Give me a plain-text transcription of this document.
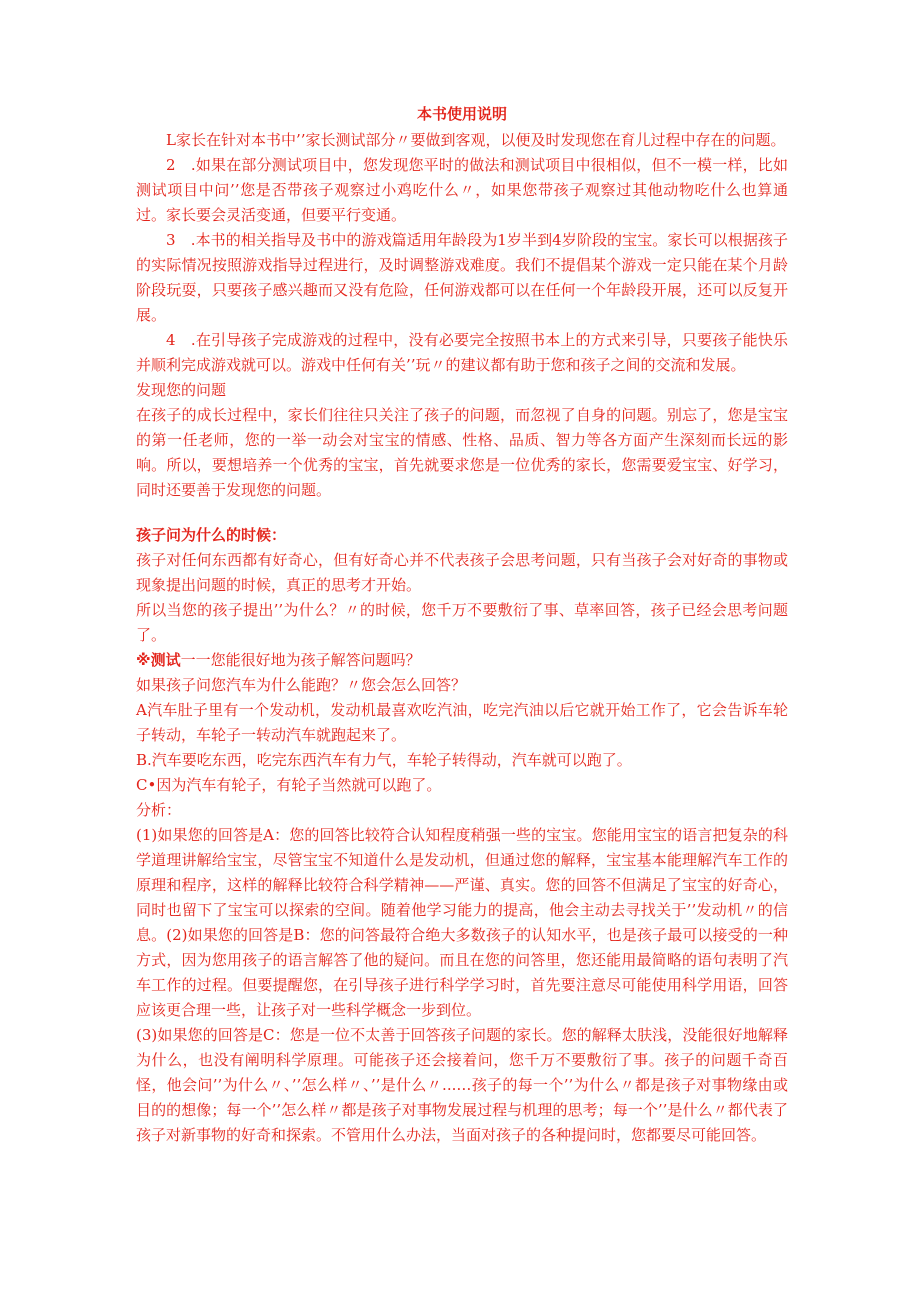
本书使用说明

L家长在针对本书中’’家长测试部分〃要做到客观，以便及时发现您在育儿过程中存在的问题。

2　.如果在部分测试项目中，您发现您平时的做法和测试项目中很相似，但不一模一样，比如测试项目中问’’您是否带孩子观察过小鸡吃什么〃，如果您带孩子观察过其他动物吃什么也算通过。家长要会灵活变通，但要平行变通。

3　.本书的相关指导及书中的游戏篇适用年龄段为1岁半到4岁阶段的宝宝。家长可以根据孩子的实际情况按照游戏指导过程进行，及时调整游戏难度。我们不提倡某个游戏一定只能在某个月龄阶段玩耍，只要孩子感兴趣而又没有危险，任何游戏都可以在任何一个年龄段开展，还可以反复开展。

4　.在引导孩子完成游戏的过程中，没有必要完全按照书本上的方式来引导，只要孩子能快乐并顺利完成游戏就可以。游戏中任何有关’’玩〃的建议都有助于您和孩子之间的交流和发展。

发现您的问题

在孩子的成长过程中，家长们往往只关注了孩子的问题，而忽视了自身的问题。别忘了，您是宝宝的第一任老师，您的一举一动会对宝宝的情感、性格、品质、智力等各方面产生深刻而长远的影响。所以，要想培养一个优秀的宝宝，首先就要求您是一位优秀的家长，您需要爱宝宝、好学习，同时还要善于发现您的问题。

孩子问为什么的时候：

孩子对任何东西都有好奇心，但有好奇心并不代表孩子会思考问题，只有当孩子会对好奇的事物或现象提出问题的时候，真正的思考才开始。

所以当您的孩子提出’’为什么？〃的时候，您千万不要敷衍了事、草率回答，孩子已经会思考问题了。

※测试一一您能很好地为孩子解答问题吗？

如果孩子问您汽车为什么能跑？〃您会怎么回答？

A汽车肚子里有一个发动机，发动机最喜欢吃汽油，吃完汽油以后它就开始工作了，它会告诉车轮子转动，车轮子一转动汽车就跑起来了。

B.汽车要吃东西，吃完东西汽车有力气，车轮子转得动，汽车就可以跑了。

C•因为汽车有轮子，有轮子当然就可以跑了。

分析：

(1)如果您的回答是A：您的回答比较符合认知程度稍强一些的宝宝。您能用宝宝的语言把复杂的科学道理讲解给宝宝，尽管宝宝不知道什么是发动机，但通过您的解释，宝宝基本能理解汽车工作的原理和程序，这样的解释比较符合科学精神——严谨、真实。您的回答不但满足了宝宝的好奇心，同时也留下了宝宝可以探索的空间。随着他学习能力的提高，他会主动去寻找关于’’发动机〃的信息。(2)如果您的回答是B：您的问答最符合绝大多数孩子的认知水平，也是孩子最可以接受的一种方式，因为您用孩子的语言解答了他的疑问。而且在您的问答里，您还能用最简略的语句表明了汽车工作的过程。但要提醒您，在引导孩子进行科学学习时，首先要注意尽可能使用科学用语，回答应该更合理一些，让孩子对一些科学概念一步到位。

(3)如果您的回答是C：您是一位不太善于回答孩子问题的家长。您的解释太肤浅，没能很好地解释为什么，也没有阐明科学原理。可能孩子还会接着问，您千万不要敷衍了事。孩子的问题千奇百怪，他会问’’为什么〃、’’怎么样〃、’’是什么〃...…孩子的每一个’’为什么〃都是孩子对事物缘由或目的的想像；每一个’’怎么样〃都是孩子对事物发展过程与机理的思考；每一个’’是什么〃都代表了孩子对新事物的好奇和探索。不管用什么办法，当面对孩子的各种提问时，您都要尽可能回答。
